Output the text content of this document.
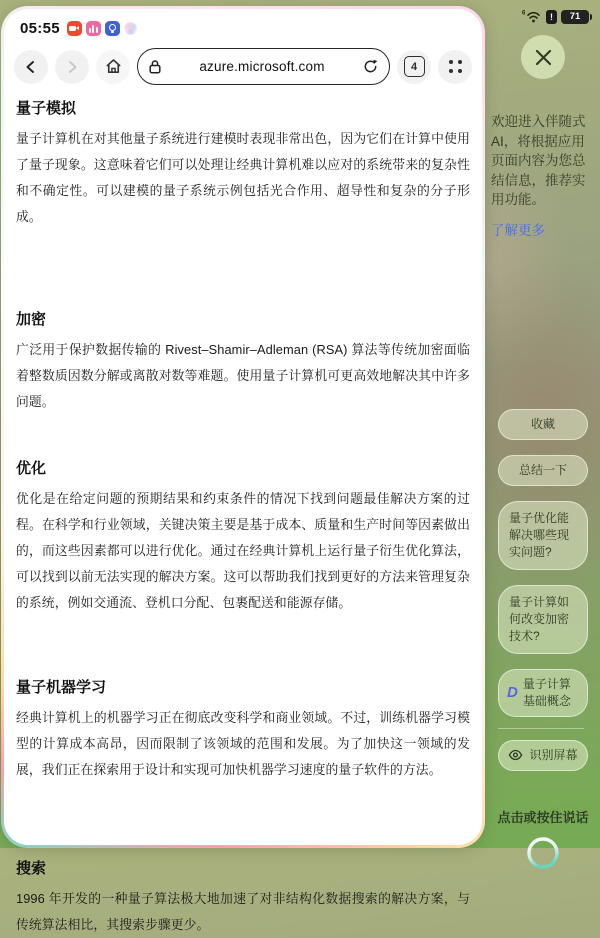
05:55
azure.microsoft.com	4
量子模拟

量子计算机在对其他量子系统进行建模时表现非常出色，因为它们在计算中使用了量子现象。这意味着它们可以处理让经典计算机难以应对的系统带来的复杂性和不确定性。可以建模的量子系统示例包括光合作用、超导性和复杂的分子形成。

加密

广泛用于保护数据传输的 Rivest–Shamir–Adleman (RSA) 算法等传统加密面临着整数质因数分解或离散对数等难题。使用量子计算机可更高效地解决其中许多问题。

优化

优化是在给定问题的预期结果和约束条件的情况下找到问题最佳解决方案的过程。在科学和行业领域，关键决策主要是基于成本、质量和生产时间等因素做出的，而这些因素都可以进行优化。通过在经典计算机上运行量子衍生优化算法，可以找到以前无法实现的解决方案。这可以帮助我们找到更好的方法来管理复杂的系统，例如交通流、登机口分配、包裹配送和能源存储。

量子机器学习

经典计算机上的机器学习正在彻底改变科学和商业领域。不过，训练机器学习模型的计算成本高昂，因而限制了该领域的范围和发展。为了加快这一领域的发展，我们正在探索用于设计和实现可加快机器学习速度的量子软件的方法。

搜索

1996 年开发的一种量子算法极大地加速了对非结构化数据搜索的解决方案，与传统算法相比，其搜索步骤更少。

6	!	71
欢迎进入伴随式AI，将根据应用页面内容为您总结信息，推荐实用功能。
了解更多
收藏
总结一下
量子优化能解决哪些现实问题?
量子计算如何改变加密技术?
D
量子计算基础概念
识别屏幕
点击或按住说话
